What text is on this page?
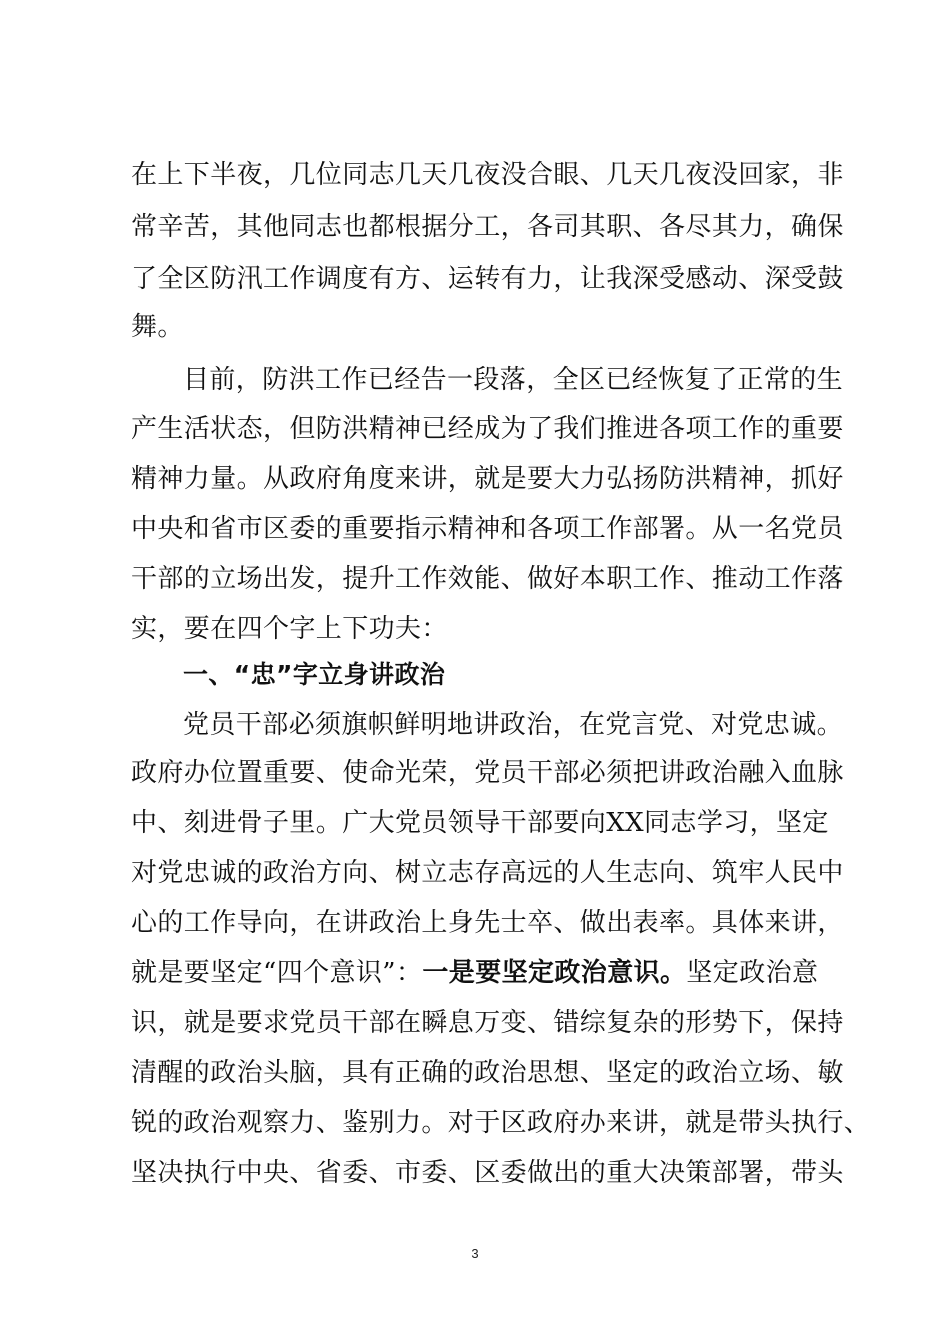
在上下半夜，几位同志几天几夜没合眼、几天几夜没回家，非
常辛苦，其他同志也都根据分工，各司其职、各尽其力，确保
了全区防汛工作调度有方、运转有力，让我深受感动、深受鼓
舞。
目前，防洪工作已经告一段落，全区已经恢复了正常的生
产生活状态，但防洪精神已经成为了我们推进各项工作的重要
精神力量。从政府角度来讲，就是要大力弘扬防洪精神，抓好
中央和省市区委的重要指示精神和各项工作部署。从一名党员
干部的立场出发，提升工作效能、做好本职工作、推动工作落
实，要在四个字上下功夫：
一、“忠”字立身讲政治
党员干部必须旗帜鲜明地讲政治，在党言党、对党忠诚。
政府办位置重要、使命光荣，党员干部必须把讲政治融入血脉
中、刻进骨子里。广大党员领导干部要向XX同志学习，坚定
对党忠诚的政治方向、树立志存高远的人生志向、筑牢人民中
心的工作导向，在讲政治上身先士卒、做出表率。具体来讲，
就是要坚定“四个意识”：一是要坚定政治意识。坚定政治意
识，就是要求党员干部在瞬息万变、错综复杂的形势下，保持
清醒的政治头脑，具有正确的政治思想、坚定的政治立场、敏
锐的政治观察力、鉴别力。对于区政府办来讲，就是带头执行、
坚决执行中央、省委、市委、区委做出的重大决策部署，带头
3
